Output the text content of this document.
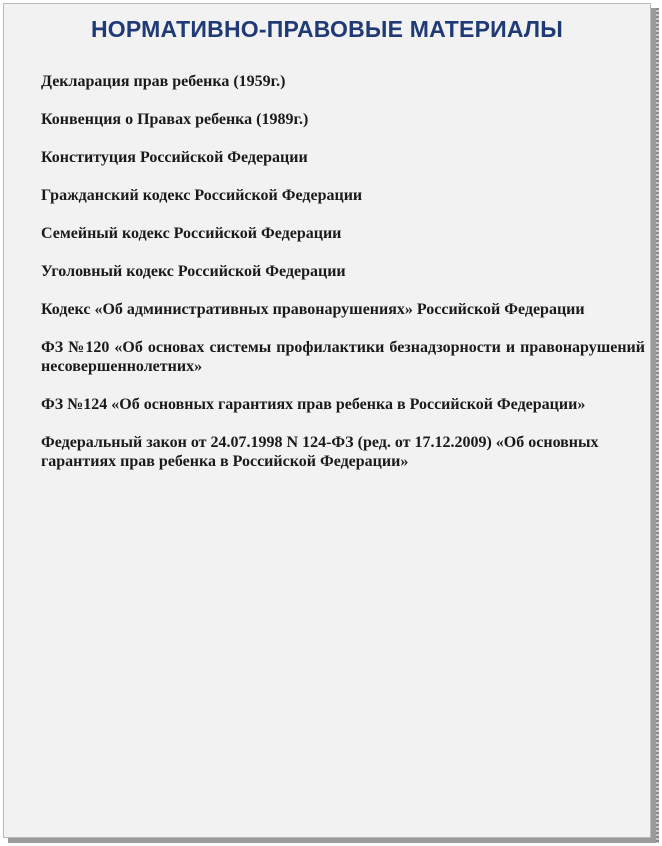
НОРМАТИВНО-ПРАВОВЫЕ МАТЕРИАЛЫ
Декларация прав ребенка (1959г.)
Конвенция о Правах ребенка (1989г.)
Конституция Российской Федерации
Гражданский кодекс Российской Федерации
Семейный кодекс Российской Федерации
Уголовный кодекс Российской Федерации
Кодекс «Об административных правонарушениях» Российской Федерации
ФЗ №120 «Об основах системы профилактики безнадзорности и правонарушений несовершеннолетних»
ФЗ №124 «Об основных гарантиях прав ребенка в Российской Федерации»
Федеральный закон от 24.07.1998 N 124-ФЗ (ред. от 17.12.2009) «Об основных гарантиях прав ребенка в Российской Федерации»
